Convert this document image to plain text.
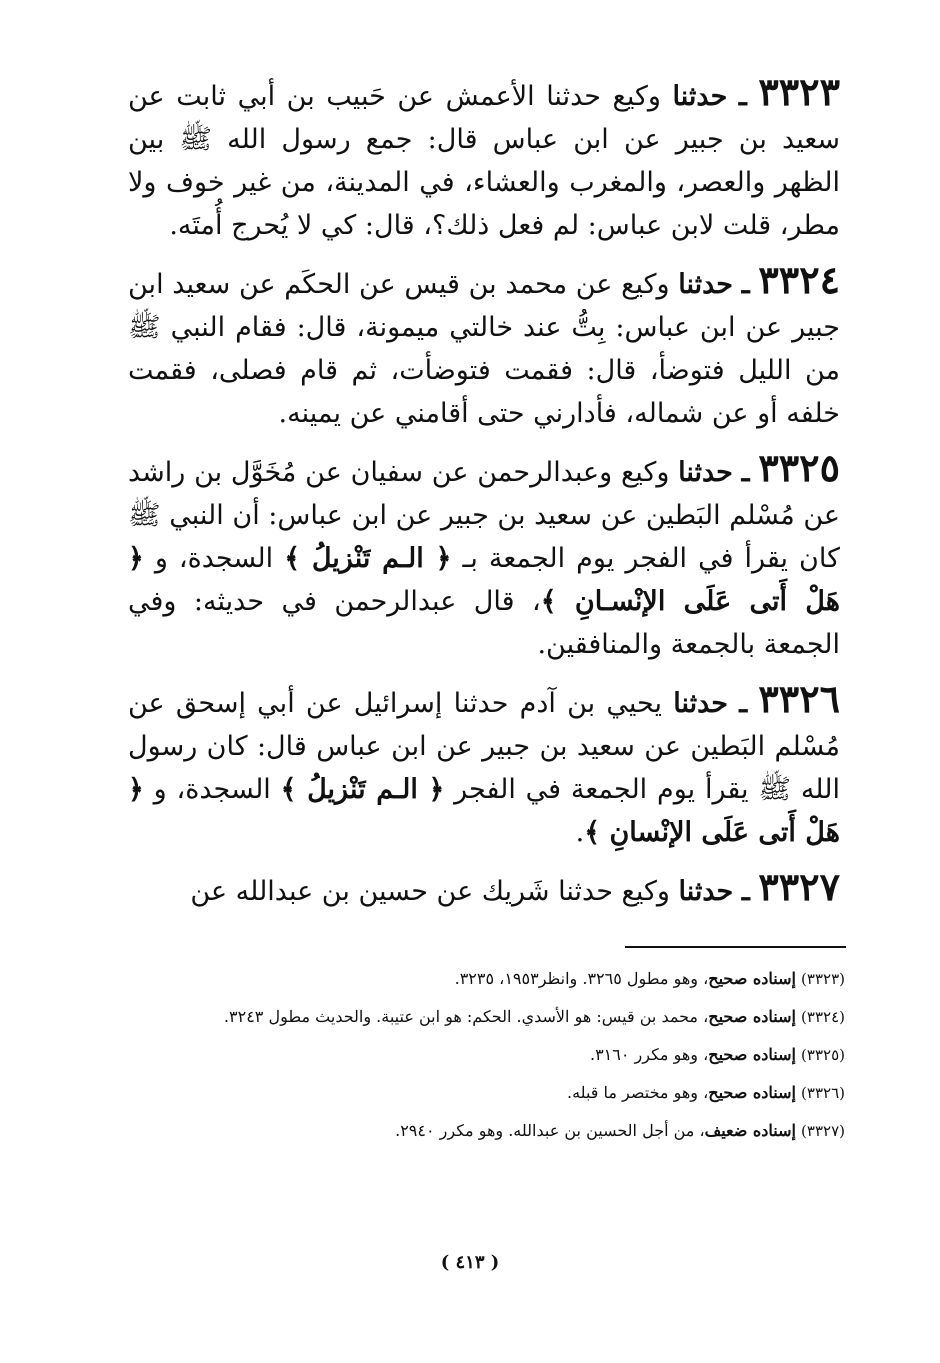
٣٣٢٣ ـ حدثنا وكيع حدثنا الأعمش عن حَبيب بن أبي ثابت عن سعيد بن جبير عن ابن عباس قال: جمع رسول الله ﷺ بين الظهر والعصر، والمغرب والعشاء، في المدينة، من غير خوف ولا مطر، قلت لابن عباس: لم فعل ذلك؟، قال: كي لا يُحرج أُمتَه.

٣٣٢٤ ـ حدثنا وكيع عن محمد بن قيس عن الحكَم عن سعيد ابن جبير عن ابن عباس: بِتُّ عند خالتي ميمونة، قال: فقام النبي ﷺ من الليل فتوضأ، قال: فقمت فتوضأت، ثم قام فصلى، فقمت خلفه أو عن شماله، فأدارني حتى أقامني عن يمينه.

٣٣٢٥ ـ حدثنا وكيع وعبدالرحمن عن سفيان عن مُخَوَّل بن راشد عن مُسْلم البَطين عن سعيد بن جبير عن ابن عباس: أن النبي ﷺ كان يقرأ في الفجر يوم الجمعة بـ ﴿ الـم تَنْزيلُ ﴾ السجدة، و ﴿ هَلْ أَتى عَلَى الإنْسـانِ ﴾، قال عبدالرحمن في حديثه: وفي الجمعة بالجمعة والمنافقين.

٣٣٢٦ ـ حدثنا يحيي بن آدم حدثنا إسرائيل عن أبي إسحق عن مُسْلم البَطين عن سعيد بن جبير عن ابن عباس قال: كان رسول الله ﷺ يقرأ يوم الجمعة في الفجر ﴿ الـم تَنْزيلُ ﴾ السجدة، و ﴿ هَلْ أَتى عَلَى الإنْسانِ ﴾.

٣٣٢٧ ـ حدثنا وكيع حدثنا شَريك عن حسين بن عبدالله عن

(٣٣٢٣) إسناده صحيح، وهو مطول ٣٢٦٥. وانظر١٩٥٣، ٣٢٣٥.

(٣٣٢٤) إسناده صحيح، محمد بن قيس: هو الأسدي. الحكم: هو ابن عتيبة. والحديث مطول ٣٢٤٣.

(٣٣٢٥) إسناده صحيح، وهو مكرر ٣١٦٠.

(٣٣٢٦) إسناده صحيح، وهو مختصر ما قبله.

(٣٣٢٧) إسناده ضعيف، من أجل الحسين بن عبدالله. وهو مكرر ٢٩٤٠.

( ٤١٣ )
